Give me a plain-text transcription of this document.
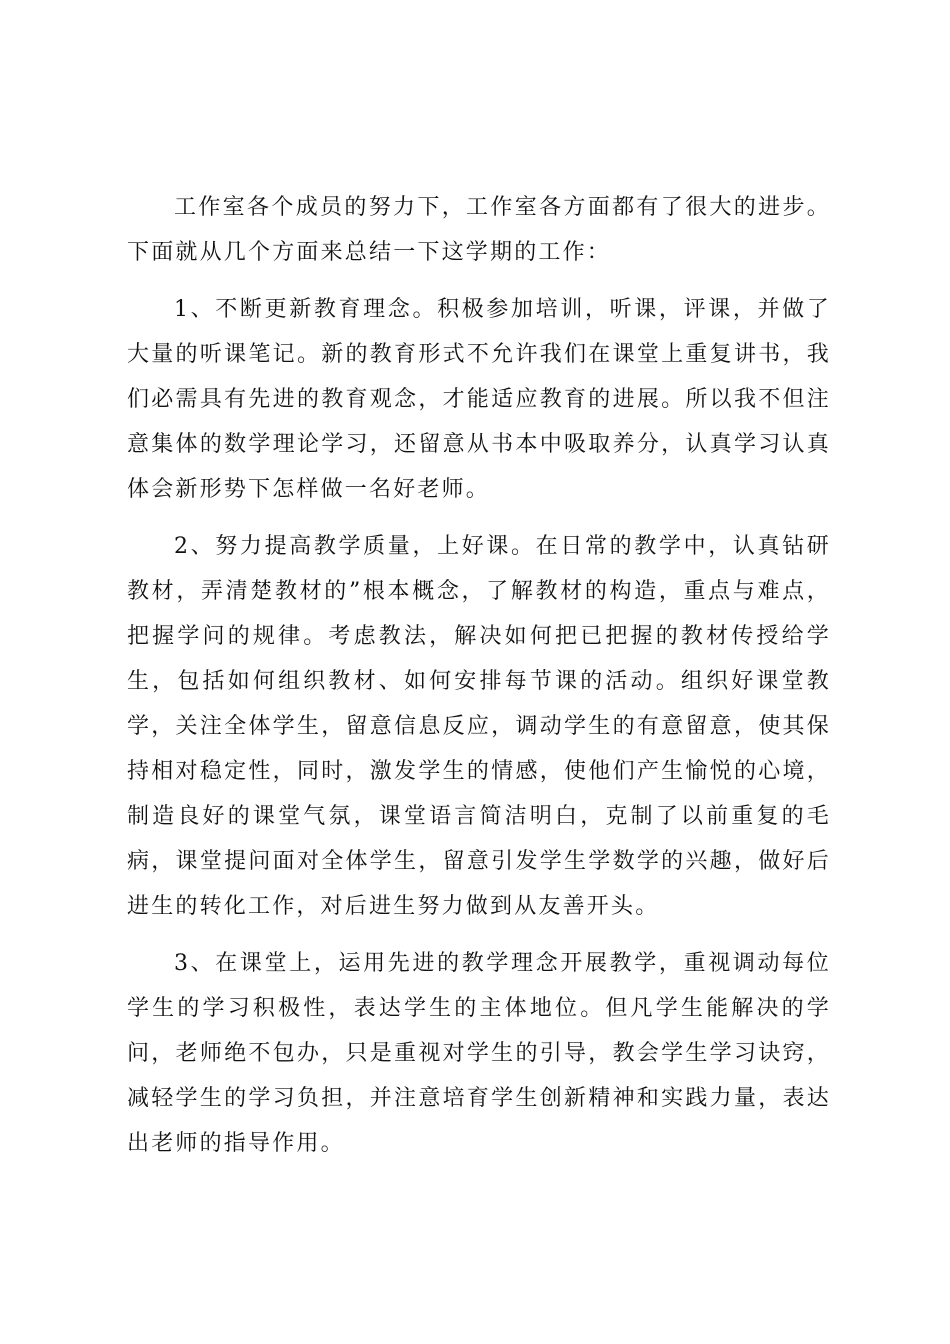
工作室各个成员的努力下，工作室各方面都有了很大的进步。下面就从几个方面来总结一下这学期的工作：

1、不断更新教育理念。积极参加培训，听课，评课，并做了大量的听课笔记。新的教育形式不允许我们在课堂上重复讲书，我们必需具有先进的教育观念，才能适应教育的进展。所以我不但注意集体的数学理论学习，还留意从书本中吸取养分，认真学习认真体会新形势下怎样做一名好老师。

2、努力提高教学质量，上好课。在日常的教学中，认真钻研教材，弄清楚教材的”根本概念，了解教材的构造，重点与难点，把握学问的规律。考虑教法，解决如何把已把握的教材传授给学生，包括如何组织教材、如何安排每节课的活动。组织好课堂教学，关注全体学生，留意信息反应，调动学生的有意留意，使其保持相对稳定性，同时，激发学生的情感，使他们产生愉悦的心境，制造良好的课堂气氛，课堂语言简洁明白，克制了以前重复的毛病，课堂提问面对全体学生，留意引发学生学数学的兴趣，做好后进生的转化工作，对后进生努力做到从友善开头。

3、在课堂上，运用先进的教学理念开展教学，重视调动每位学生的学习积极性，表达学生的主体地位。但凡学生能解决的学问，老师绝不包办，只是重视对学生的引导，教会学生学习诀窍，减轻学生的学习负担，并注意培育学生创新精神和实践力量，表达出老师的指导作用。
